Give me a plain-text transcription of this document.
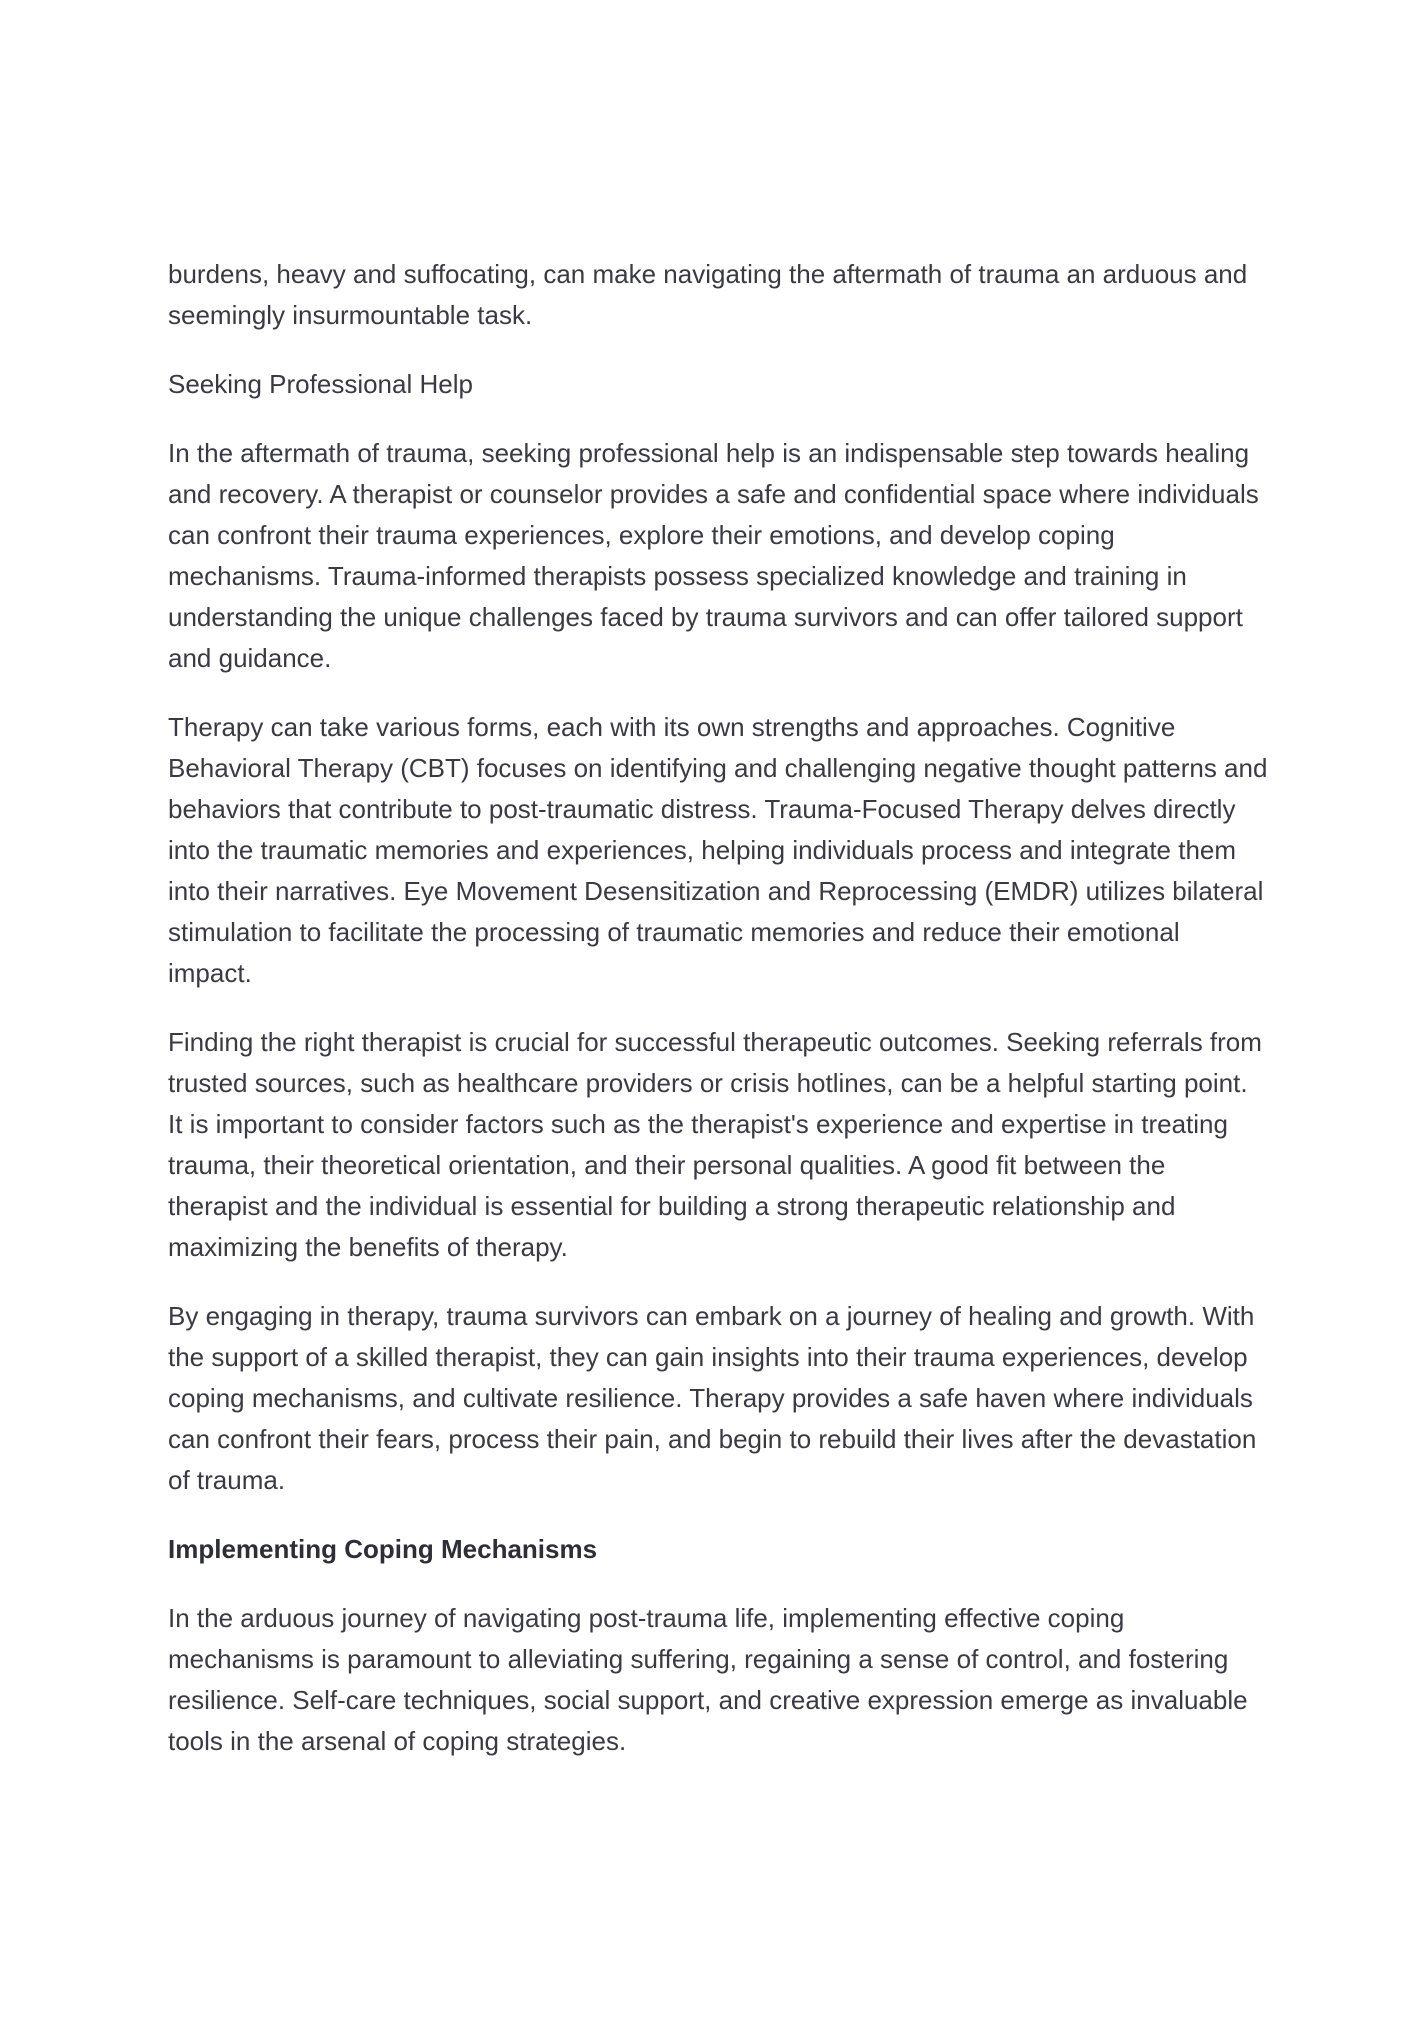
burdens, heavy and suffocating, can make navigating the aftermath of trauma an arduous and seemingly insurmountable task.

Seeking Professional Help

In the aftermath of trauma, seeking professional help is an indispensable step towards healing and recovery. A therapist or counselor provides a safe and confidential space where individuals can confront their trauma experiences, explore their emotions, and develop coping mechanisms. Trauma-informed therapists possess specialized knowledge and training in understanding the unique challenges faced by trauma survivors and can offer tailored support and guidance.

Therapy can take various forms, each with its own strengths and approaches. Cognitive Behavioral Therapy (CBT) focuses on identifying and challenging negative thought patterns and behaviors that contribute to post-traumatic distress. Trauma-Focused Therapy delves directly into the traumatic memories and experiences, helping individuals process and integrate them into their narratives. Eye Movement Desensitization and Reprocessing (EMDR) utilizes bilateral stimulation to facilitate the processing of traumatic memories and reduce their emotional impact.

Finding the right therapist is crucial for successful therapeutic outcomes. Seeking referrals from trusted sources, such as healthcare providers or crisis hotlines, can be a helpful starting point. It is important to consider factors such as the therapist's experience and expertise in treating trauma, their theoretical orientation, and their personal qualities. A good fit between the therapist and the individual is essential for building a strong therapeutic relationship and maximizing the benefits of therapy.

By engaging in therapy, trauma survivors can embark on a journey of healing and growth. With the support of a skilled therapist, they can gain insights into their trauma experiences, develop coping mechanisms, and cultivate resilience. Therapy provides a safe haven where individuals can confront their fears, process their pain, and begin to rebuild their lives after the devastation of trauma.

Implementing Coping Mechanisms

In the arduous journey of navigating post-trauma life, implementing effective coping mechanisms is paramount to alleviating suffering, regaining a sense of control, and fostering resilience. Self-care techniques, social support, and creative expression emerge as invaluable tools in the arsenal of coping strategies.
